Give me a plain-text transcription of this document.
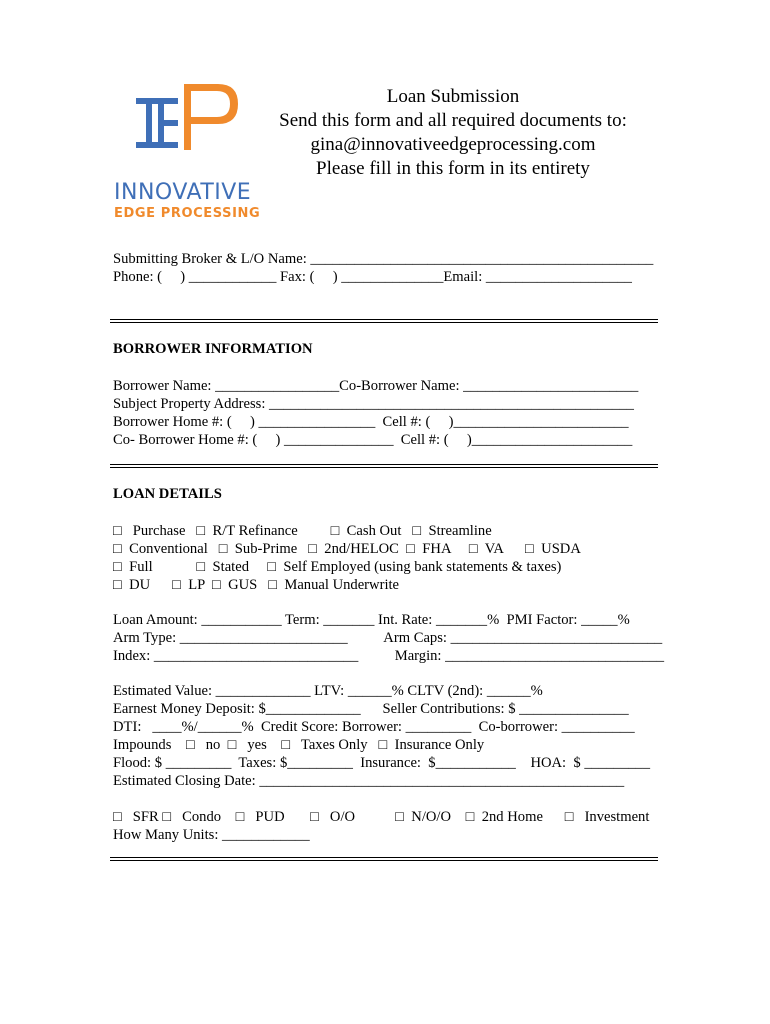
INNOVATIVE
EDGE PROCESSING
Loan Submission
Send this form and all required documents to:
gina@innovativeedgeprocessing.com
Please fill in this form in its entirety
Submitting Broker & L/O Name: _______________________________________________
Phone: (     ) ____________ Fax: (     ) ______________Email: ____________________
BORROWER INFORMATION
Borrower Name: _________________Co-Borrower Name: ________________________
Subject Property Address: __________________________________________________
Borrower Home #: (     ) ________________  Cell #: (     )________________________
Co- Borrower Home #: (     ) _______________  Cell #: (     )______________________
LOAN DETAILS
□   Purchase   □  R/T Refinance         □  Cash Out   □  Streamline
□  Conventional   □  Sub-Prime   □  2nd/HELOC  □  FHA     □  VA      □  USDA
□  Full            □  Stated     □  Self Employed (using bank statements & taxes)
□  DU      □  LP  □  GUS   □  Manual Underwrite
Loan Amount: ___________ Term: _______ Int. Rate: _______%  PMI Factor: _____%
Arm Type: _______________________          Arm Caps: _____________________________
Index: ____________________________          Margin: ______________________________
Estimated Value: _____________ LTV: ______% CLTV (2nd): ______%
Earnest Money Deposit: $_____________      Seller Contributions: $ _______________
DTI:   ____%/______%  Credit Score: Borrower: _________  Co-borrower: __________
Impounds    □   no  □   yes    □   Taxes Only   □  Insurance Only
Flood: $ _________  Taxes: $_________  Insurance:  $___________    HOA:  $ _________
Estimated Closing Date: __________________________________________________
□   SFR □   Condo    □   PUD       □   O/O           □  N/O/O    □  2nd Home      □   Investment
How Many Units: ____________
